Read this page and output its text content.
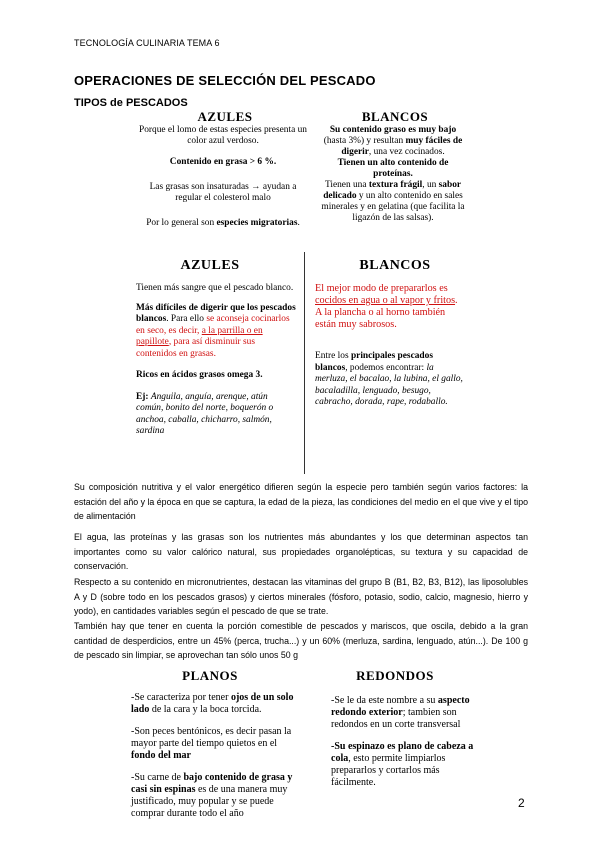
TECNOLOGÍA CULINARIA TEMA 6
OPERACIONES DE SELECCIÓN DEL PESCADO
TIPOS de PESCADOS
AZULES	BLANCOS
Porque el lomo de estas especies presenta un color azul verdoso.
Contenido en grasa > 6 %.
Las grasas son insaturadas → ayudan a regular el colesterol malo
Por lo general son especies migratorias.
Su contenido graso es muy bajo (hasta 3%) y resultan muy fáciles de digerir, una vez cocinados.
Tienen un alto contenido de proteínas.
Tienen una textura frágil, un sabor delicado y un alto contenido en sales minerales y en gelatina (que facilita la ligazón de las salsas).
AZULES	BLANCOS
Tienen más sangre que el pescado blanco.
Más difíciles de digerir que los pescados blancos. Para ello se aconseja cocinarlos en seco, es decir, a la parrilla o en papillote, para así disminuir sus contenidos en grasas.
Ricos en ácidos grasos omega 3.
Ej: Anguila, anguía, arenque, atún común, bonito del norte, boquerón o anchoa, caballa, chicharro, salmón, sardina
El mejor modo de prepararlos es cocidos en agua o al vapor y fritos.
A la plancha o al horno también están muy sabrosos.
Entre los principales pescados blancos, podemos encontrar: la merluza, el bacalao, la lubina, el gallo, bacaladilla, lenguado, besugo, cabracho, dorada, rape, rodaballo.
Su composición nutritiva y el valor energético difieren según la especie pero también según varios factores: la estación del año y la época en que se captura, la edad de la pieza, las condiciones del medio en el que vive y el tipo de alimentación
El agua, las proteínas y las grasas son los nutrientes más abundantes y los que determinan aspectos tan importantes como su valor calórico natural, sus propiedades organolépticas, su textura y su capacidad de conservación.
Respecto a su contenido en micronutrientes, destacan las vitaminas del grupo B (B1, B2, B3, B12), las liposolubles A y D (sobre todo en los pescados grasos) y ciertos minerales (fósforo, potasio, sodio, calcio, magnesio, hierro y yodo), en cantidades variables según el pescado de que se trate.
También hay que tener en cuenta la porción comestible de pescados y mariscos, que oscila, debido a la gran cantidad de desperdicios, entre un 45% (perca, trucha...) y un 60% (merluza, sardina, lenguado, atún...). De 100 g de pescado sin limpiar, se aprovechan tan sólo unos 50 g
PLANOS	REDONDOS
-Se caracteriza por tener ojos de un solo lado de la cara y la boca torcida.
-Son peces bentónicos, es decir pasan la mayor parte del tiempo quietos en el fondo del mar
-Su carne de bajo contenido de grasa y casi sin espinas es de una manera muy justificado, muy popular y se puede comprar durante todo el año
-Se le da este nombre a su aspecto redondo exterior; tambien son redondos en un corte transversal
-Su espinazo es plano de cabeza a cola, esto permite limpiarlos prepararlos y cortarlos más fácilmente.
2
